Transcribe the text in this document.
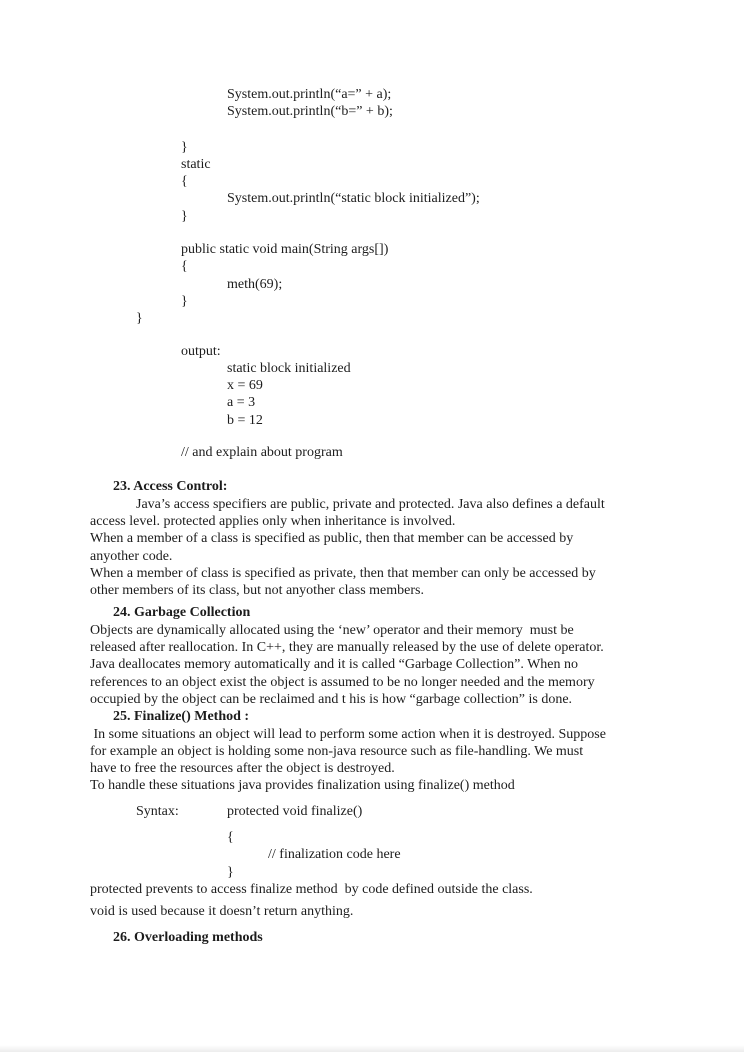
System.out.println(“a=” + a);
System.out.println(“b=” + b);
}
static
{
System.out.println(“static block initialized”);
}
public static void main(String args[])
{
meth(69);
}
}
output:
static block initialized
x = 69
a = 3
b = 12
// and explain about program
23. Access Control:
Java’s access specifiers are public, private and protected. Java also defines a default
access level. protected applies only when inheritance is involved.
When a member of a class is specified as public, then that member can be accessed by
anyother code.
When a member of class is specified as private, then that member can only be accessed by
other members of its class, but not anyother class members.
24. Garbage Collection
Objects are dynamically allocated using the ‘new’ operator and their memory  must be
released after reallocation. In C++, they are manually released by the use of delete operator.
Java deallocates memory automatically and it is called “Garbage Collection”. When no
references to an object exist the object is assumed to be no longer needed and the memory
occupied by the object can be reclaimed and t his is how “garbage collection” is done.
25. Finalize() Method :
In some situations an object will lead to perform some action when it is destroyed. Suppose
for example an object is holding some non-java resource such as file-handling. We must
have to free the resources after the object is destroyed.
To handle these situations java provides finalization using finalize() method
Syntax:	protected void finalize()
{
// finalization code here
}
protected prevents to access finalize method  by code defined outside the class.
void is used because it doesn’t return anything.
26. Overloading methods
